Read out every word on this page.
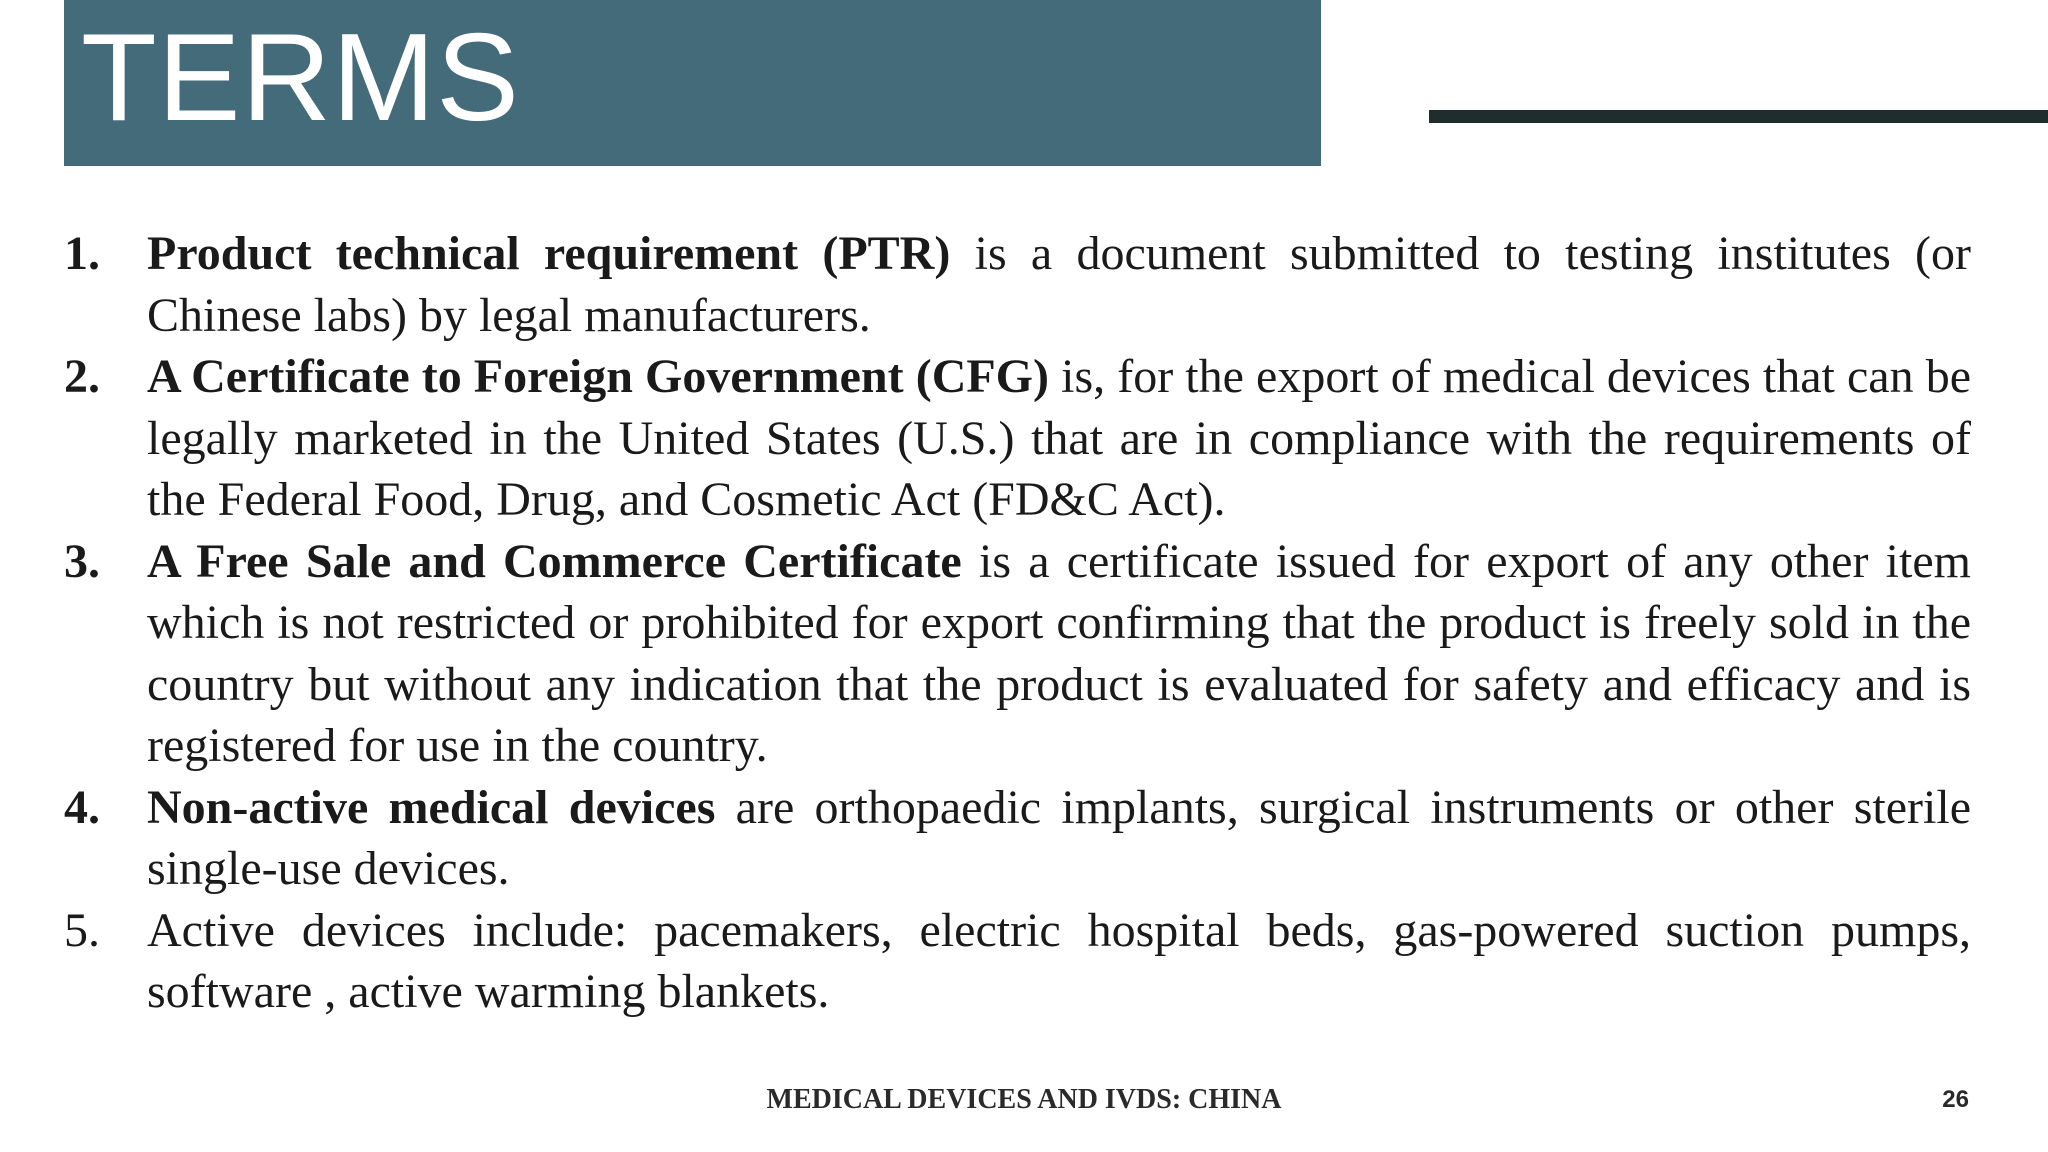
TERMS
1. Product technical requirement (PTR) is a document submitted to testing institutes (or Chinese labs) by legal manufacturers.
2. A Certificate to Foreign Government (CFG) is, for the export of medical devices that can be legally marketed in the United States (U.S.) that are in compliance with the requirements of the Federal Food, Drug, and Cosmetic Act (FD&C Act).
3. A Free Sale and Commerce Certificate is a certificate issued for export of any other item which is not restricted or prohibited for export confirming that the product is freely sold in the country but without any indication that the product is evaluated for safety and efficacy and is registered for use in the country.
4. Non-active medical devices are orthopaedic implants, surgical instruments or other sterile single-use devices.
5. Active devices include: pacemakers, electric hospital beds, gas-powered suction pumps, software , active warming blankets.
MEDICAL DEVICES AND IVDS: CHINA	26
